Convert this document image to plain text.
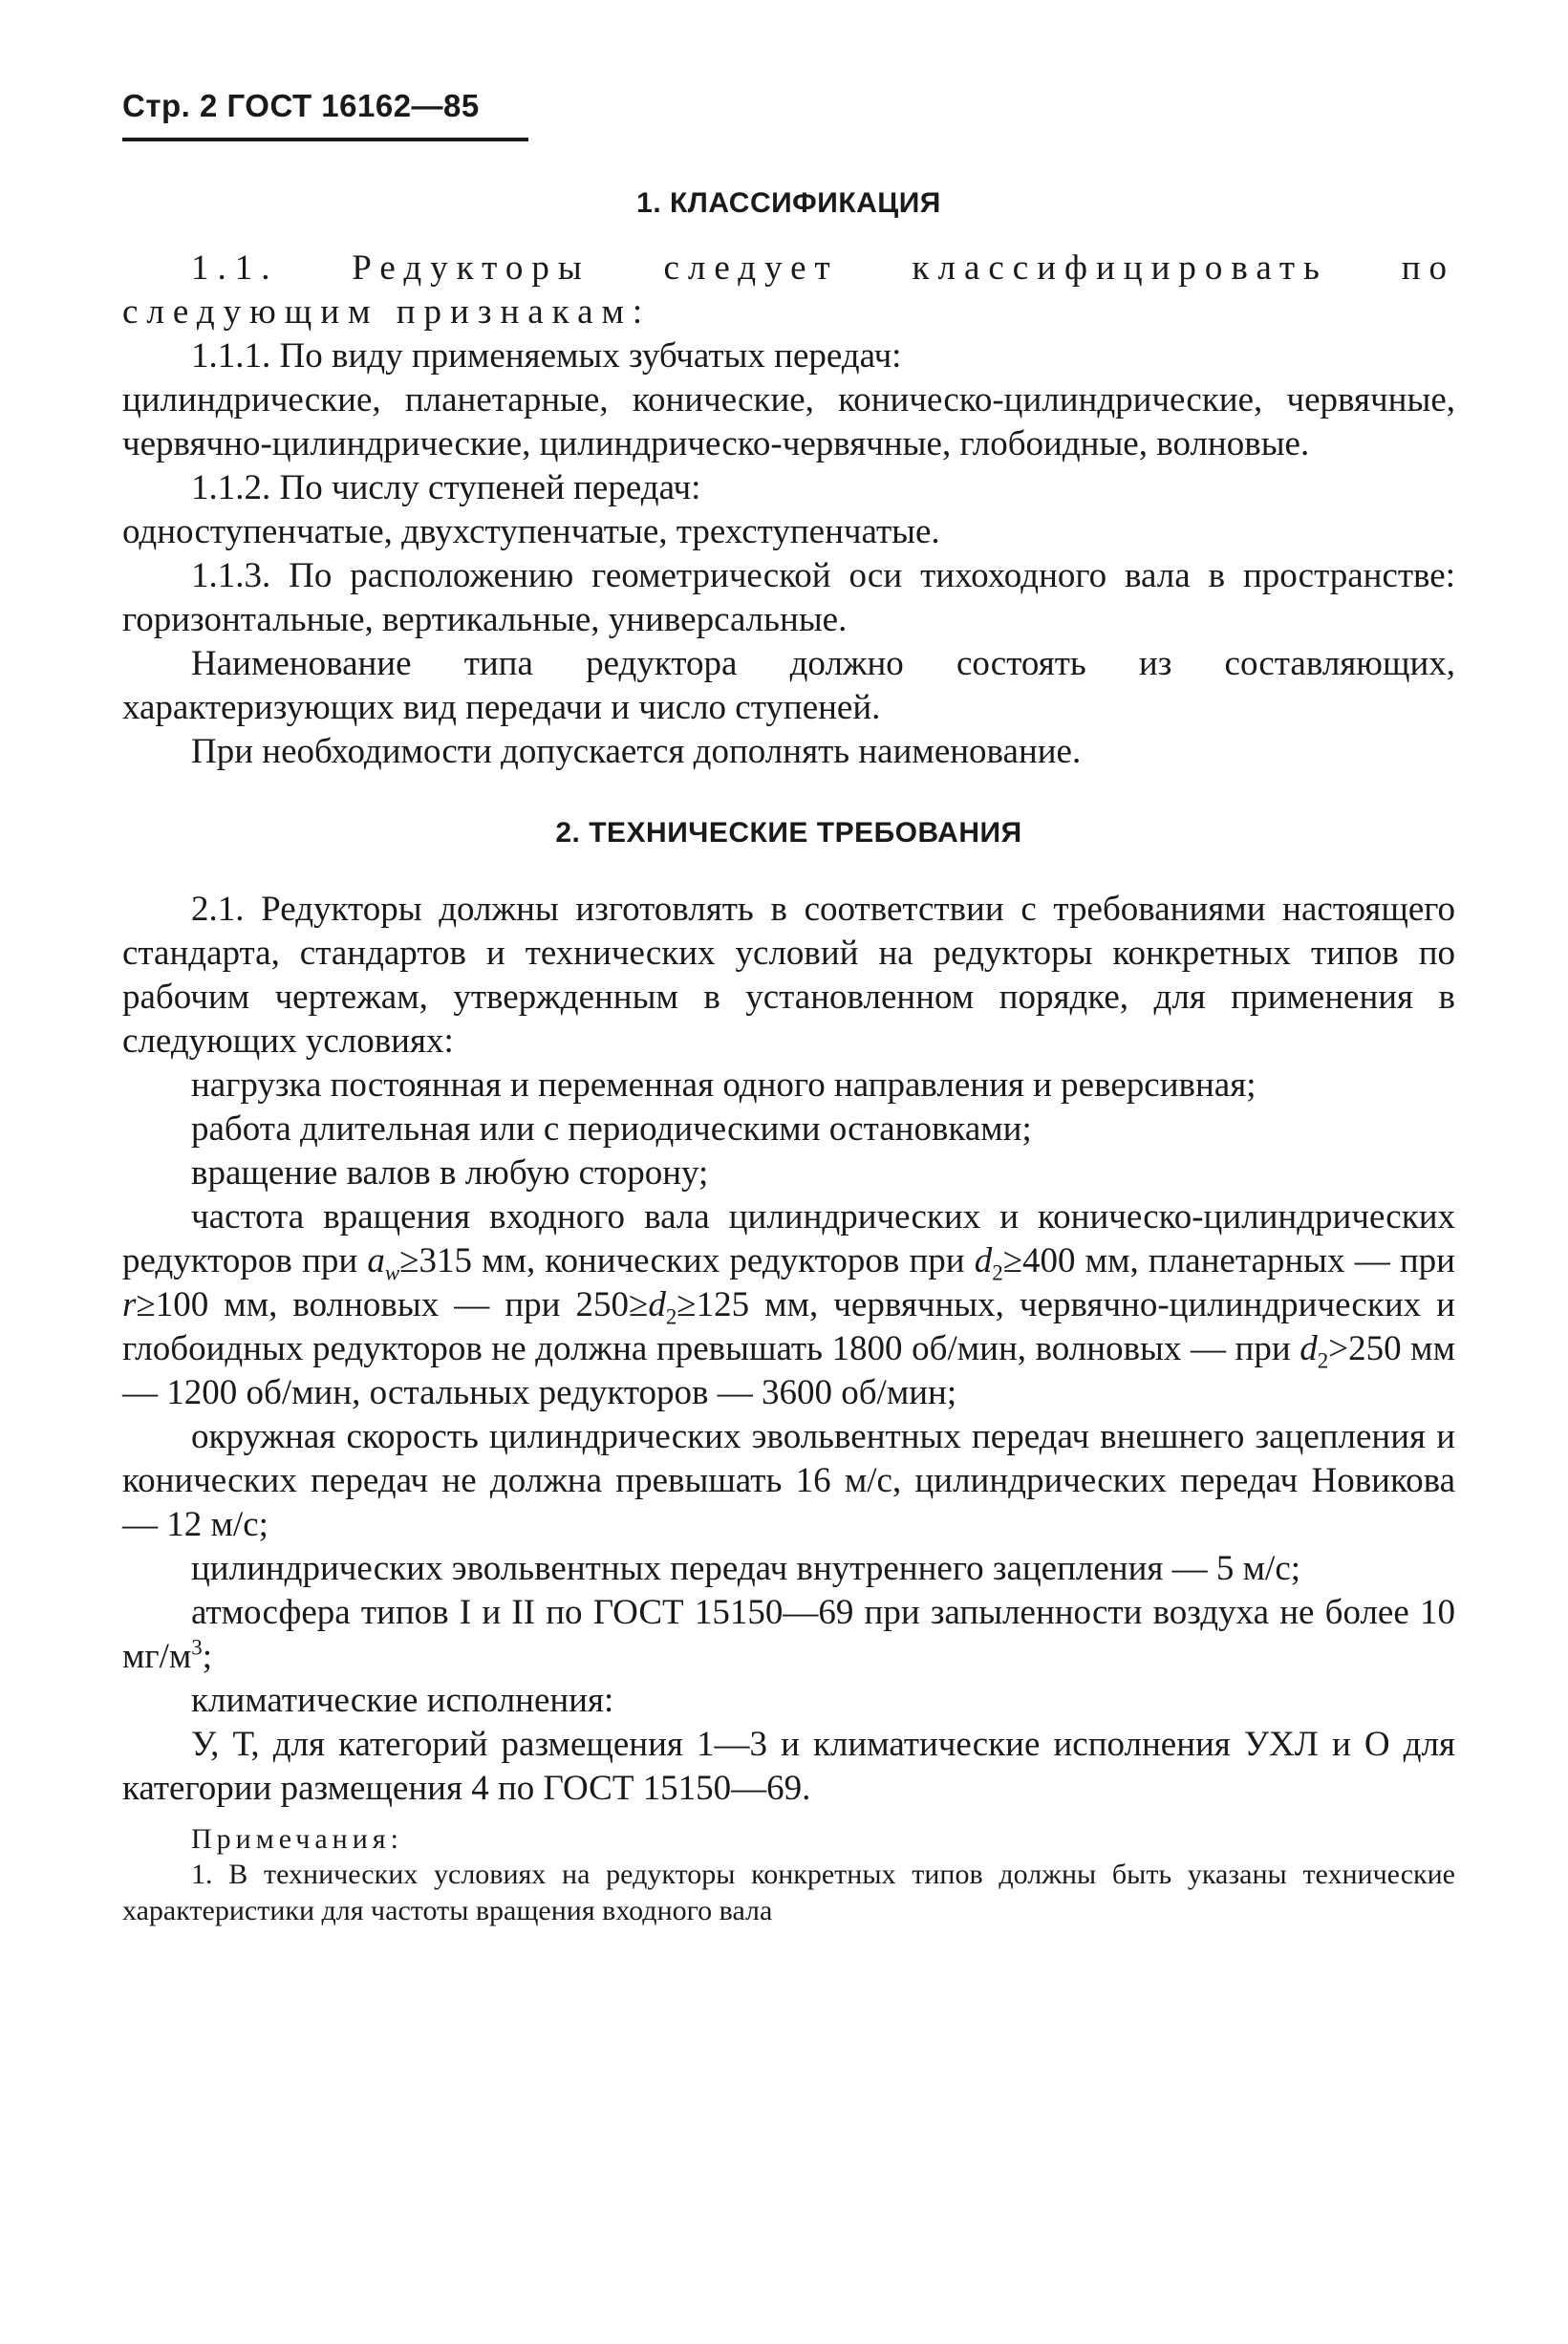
Стр. 2 ГОСТ 16162—85
1. КЛАССИФИКАЦИЯ

1.1. Редукторы следует классифицировать по следующим признакам:

1.1.1. По виду применяемых зубчатых передач:

цилиндрические, планетарные, конические, коническо-цилиндрические, червячные, червячно-цилиндрические, цилиндрическо-червячные, глобоидные, волновые.

1.1.2. По числу ступеней передач:

одноступенчатые, двухступенчатые, трехступенчатые.

1.1.3. По расположению геометрической оси тихоходного вала в пространстве: горизонтальные, вертикальные, универсальные.

Наименование типа редуктора должно состоять из составляющих, характеризующих вид передачи и число ступеней.

При необходимости допускается дополнять наименование.

2. ТЕХНИЧЕСКИЕ ТРЕБОВАНИЯ

2.1. Редукторы должны изготовлять в соответствии с требованиями настоящего стандарта, стандартов и технических условий на редукторы конкретных типов по рабочим чертежам, утвержденным в установленном порядке, для применения в следующих условиях:

нагрузка постоянная и переменная одного направления и реверсивная;

работа длительная или с периодическими остановками;

вращение валов в любую сторону;

частота вращения входного вала цилиндрических и коническо-цилиндрических редукторов при $a_w\ge 315$ мм, конических редукторов при $d_2\ge 400$ мм, планетарных — при r≥100 мм, волновых — при $250\ge d_2\ge 125$ мм, червячных, червячно-цилиндрических и глобоидных редукторов не должна превышать 1800 об/мин, волновых — при $d_2>250$ мм — 1200 об/мин, остальных редукторов — 3600 об/мин;

окружная скорость цилиндрических эвольвентных передач внешнего зацепления и конических передач не должна превышать 16 м/с, цилиндрических передач Новикова — 12 м/с;

цилиндрических эвольвентных передач внутреннего зацепления — 5 м/с;

атмосфера типов I и II по ГОСТ 15150—69 при запыленности воздуха не более 10 $мг/м^3$;

климатические исполнения:

У, Т, для категорий размещения 1—3 и климатические исполнения УХЛ и О для категории размещения 4 по ГОСТ 15150—69.

Примечания:

1. В технических условиях на редукторы конкретных типов должны быть указаны технические характеристики для частоты вращения входного вала
